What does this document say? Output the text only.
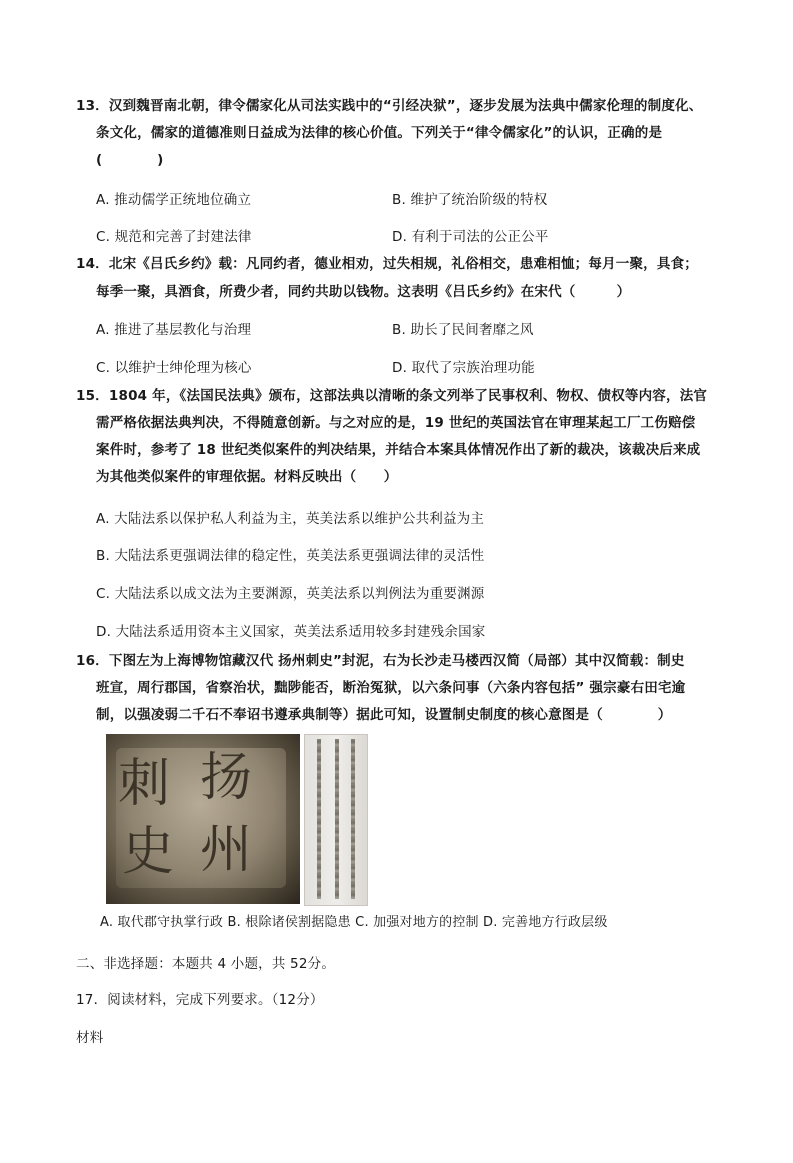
13．汉到魏晋南北朝，律令儒家化从司法实践中的“引经决狱”，逐步发展为法典中儒家伦理的制度化、
条文化，儒家的道德准则日益成为法律的核心价值。下列关于“律令儒家化”的认识，正确的是
(　　　　)
A. 推动儒学正统地位确立	B. 维护了统治阶级的特权
C. 规范和完善了封建法律	D. 有利于司法的公正公平
14．北宋《吕氏乡约》载：凡同约者，德业相劝，过失相规，礼俗相交，患难相恤；每月一聚，具食；
每季一聚，具酒食，所费少者，同约共助以钱物。这表明《吕氏乡约》在宋代（　　　）
A. 推进了基层教化与治理	B. 助长了民间奢靡之风
C. 以维护士绅伦理为核心	D. 取代了宗族治理功能
15．1804 年，《法国民法典》颁布，这部法典以清晰的条文列举了民事权利、物权、债权等内容，法官
需严格依据法典判决，不得随意创新。与之对应的是，19 世纪的英国法官在审理某起工厂工伤赔偿
案件时，参考了 18 世纪类似案件的判决结果，并结合本案具体情况作出了新的裁决，该裁决后来成
为其他类似案件的审理依据。材料反映出（　　）
A. 大陆法系以保护私人利益为主，英美法系以维护公共利益为主
B. 大陆法系更强调法律的稳定性，英美法系更强调法律的灵活性
C. 大陆法系以成文法为主要渊源，英美法系以判例法为重要渊源
D. 大陆法系适用资本主义国家，英美法系适用较多封建残余国家
16．下图左为上海博物馆藏汉代 扬州刺史”封泥，右为长沙走马楼西汉简（局部）其中汉简载：制史
班宣，周行郡国，省察治状，黜陟能否，断治冤狱，以六条问事（六条内容包括” 强宗豪右田宅逾
制，以强凌弱二千石不奉诏书遵承典制等）据此可知，设置制史制度的核心意图是（　　　　）
刺 扬
史 州
A. 取代郡守执掌行政 B. 根除诸侯割据隐患 C. 加强对地方的控制 D. 完善地方行政层级
二、非选择题：本题共 4 小题，共 52分。
17．阅读材料，完成下列要求。（12分）
材料
